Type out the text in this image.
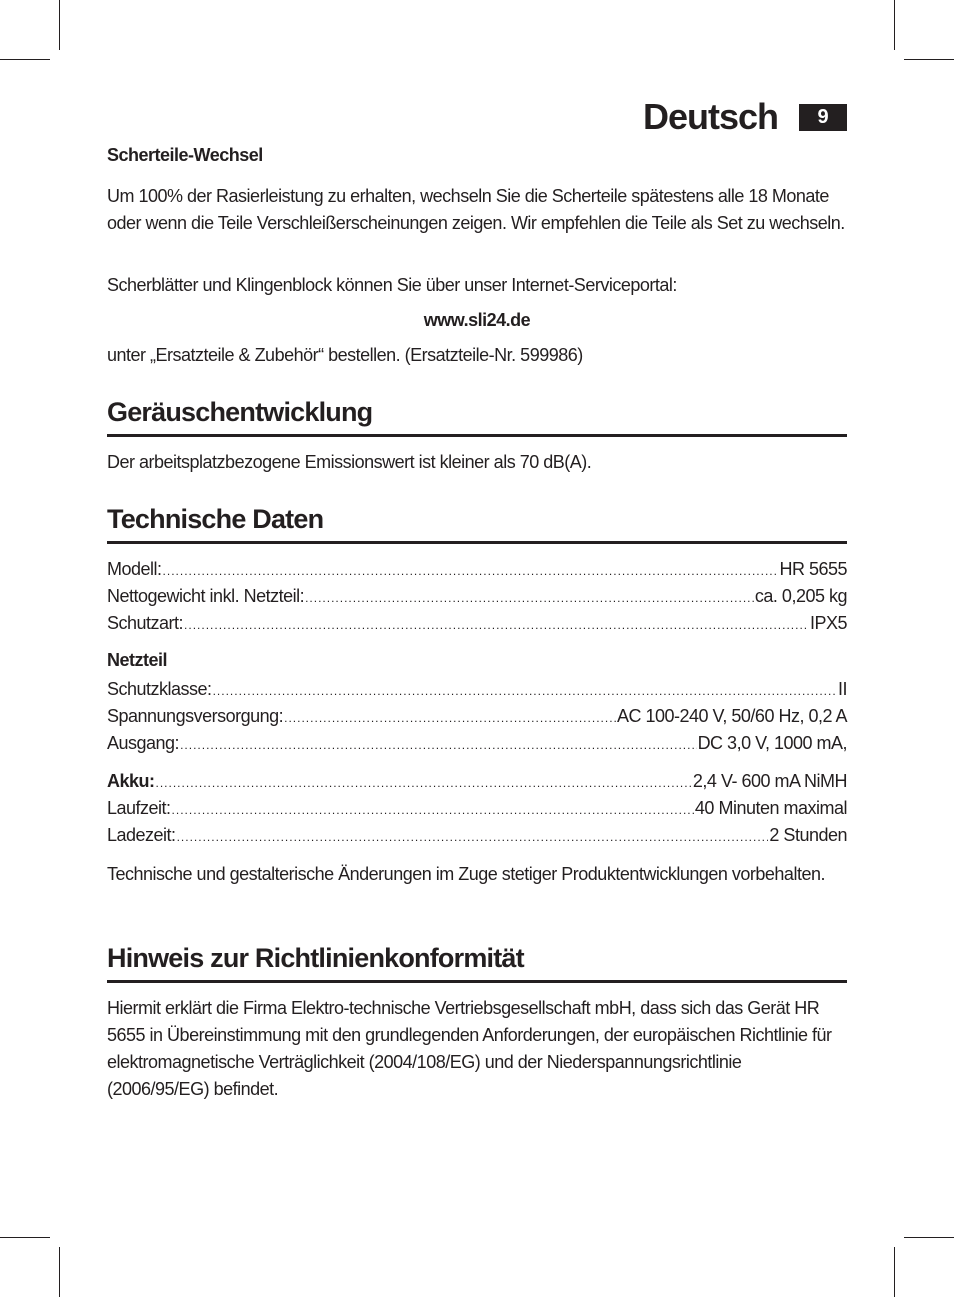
Deutsch	9
Scherteile-Wechsel

Um 100% der Rasierleistung zu erhalten, wechseln Sie die Scherteile spätestens alle 18 Monate oder wenn die Teile Verschleißerscheinungen zeigen. Wir empfehlen die Teile als Set zu wechseln.

Scherblätter und Klingenblock können Sie über unser Internet-Serviceportal:

www.sli24.de

unter „Ersatzteile & Zubehör“ bestellen. (Ersatzteile-Nr. 599986)

Geräuschentwicklung

Der arbeitsplatzbezogene Emissionswert ist kleiner als 70 dB(A).

Technische Daten
Modell: .....	HR 5655
Nettogewicht inkl. Netzteil: .....	ca. 0,205 kg
Schutzart: .....	IPX5
Netzteil
Schutzklasse: .....	II
Spannungsversorgung: .....	AC 100-240 V, 50/60 Hz, 0,2 A
Ausgang: .....	DC 3,0 V, 1000 mA,
Akku: .....	2,4 V- 600 mA NiMH
Laufzeit: .....	40 Minuten maximal
Ladezeit: .....	2 Stunden

Technische und gestalterische Änderungen im Zuge stetiger Produktentwicklungen vorbehalten.

Hinweis zur Richtlinienkonformität

Hiermit erklärt die Firma Elektro-technische Vertriebsgesellschaft mbH, dass sich das Gerät HR 5655 in Übereinstimmung mit den grundlegenden Anforderungen, der europäischen Richtlinie für elektromagnetische Verträglichkeit (2004/108/EG) und der Niederspannungsrichtlinie (2006/95/EG) befindet.
